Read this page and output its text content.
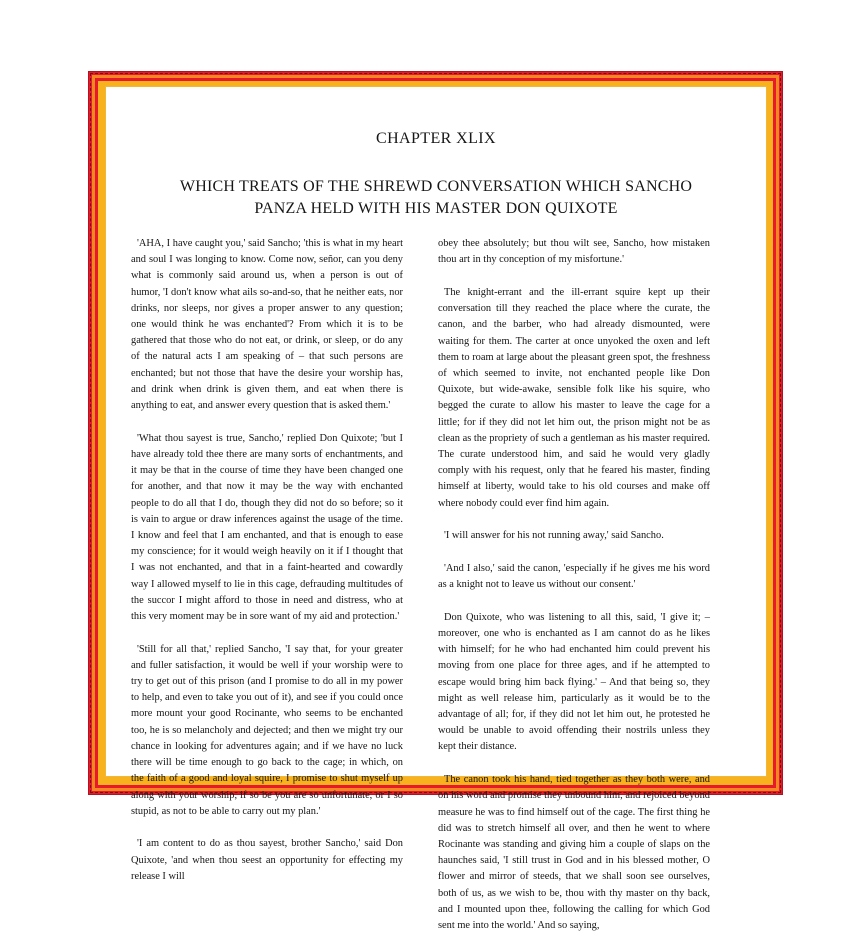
CHAPTER XLIX
WHICH TREATS OF THE SHREWD CONVERSATION WHICH SANCHO PANZA HELD WITH HIS MASTER DON QUIXOTE

'AHA, I have caught you,' said Sancho; 'this is what in my heart and soul I was longing to know. Come now, señor, can you deny what is commonly said around us, when a person is out of humor, 'I don't know what ails so-and-so, that he neither eats, nor drinks, nor sleeps, nor gives a proper answer to any question; one would think he was enchanted'? From which it is to be gathered that those who do not eat, or drink, or sleep, or do any of the natural acts I am speaking of – that such persons are enchanted; but not those that have the desire your worship has, and drink when drink is given them, and eat when there is anything to eat, and answer every question that is asked them.'

'What thou sayest is true, Sancho,' replied Don Quixote; 'but I have already told thee there are many sorts of enchantments, and it may be that in the course of time they have been changed one for another, and that now it may be the way with enchanted people to do all that I do, though they did not do so before; so it is vain to argue or draw inferences against the usage of the time. I know and feel that I am enchanted, and that is enough to ease my conscience; for it would weigh heavily on it if I thought that I was not enchanted, and that in a faint-hearted and cowardly way I allowed myself to lie in this cage, defrauding multitudes of the succor I might afford to those in need and distress, who at this very moment may be in sore want of my aid and protection.'

'Still for all that,' replied Sancho, 'I say that, for your greater and fuller satisfaction, it would be well if your worship were to try to get out of this prison (and I promise to do all in my power to help, and even to take you out of it), and see if you could once more mount your good Rocinante, who seems to be enchanted too, he is so melancholy and dejected; and then we might try our chance in looking for adventures again; and if we have no luck there will be time enough to go back to the cage; in which, on the faith of a good and loyal squire, I promise to shut myself up along with your worship, if so be you are so unfortunate, or I so stupid, as not to be able to carry out my plan.'

'I am content to do as thou sayest, brother Sancho,' said Don Quixote, 'and when thou seest an opportunity for effecting my release I will

obey thee absolutely; but thou wilt see, Sancho, how mistaken thou art in thy conception of my misfortune.'

The knight-errant and the ill-errant squire kept up their conversation till they reached the place where the curate, the canon, and the barber, who had already dismounted, were waiting for them. The carter at once unyoked the oxen and left them to roam at large about the pleasant green spot, the freshness of which seemed to invite, not enchanted people like Don Quixote, but wide-awake, sensible folk like his squire, who begged the curate to allow his master to leave the cage for a little; for if they did not let him out, the prison might not be as clean as the propriety of such a gentleman as his master required. The curate understood him, and said he would very gladly comply with his request, only that he feared his master, finding himself at liberty, would take to his old courses and make off where nobody could ever find him again.

'I will answer for his not running away,' said Sancho.

'And I also,' said the canon, 'especially if he gives me his word as a knight not to leave us without our consent.'

Don Quixote, who was listening to all this, said, 'I give it; – moreover, one who is enchanted as I am cannot do as he likes with himself; for he who had enchanted him could prevent his moving from one place for three ages, and if he attempted to escape would bring him back flying.' – And that being so, they might as well release him, particularly as it would be to the advantage of all; for, if they did not let him out, he protested he would be unable to avoid offending their nostrils unless they kept their distance.

The canon took his hand, tied together as they both were, and on his word and promise they unbound him, and rejoiced beyond measure he was to find himself out of the cage. The first thing he did was to stretch himself all over, and then he went to where Rocinante was standing and giving him a couple of slaps on the haunches said, 'I still trust in God and in his blessed mother, O flower and mirror of steeds, that we shall soon see ourselves, both of us, as we wish to be, thou with thy master on thy back, and I mounted upon thee, following the calling for which God sent me into the world.' And so saying,
